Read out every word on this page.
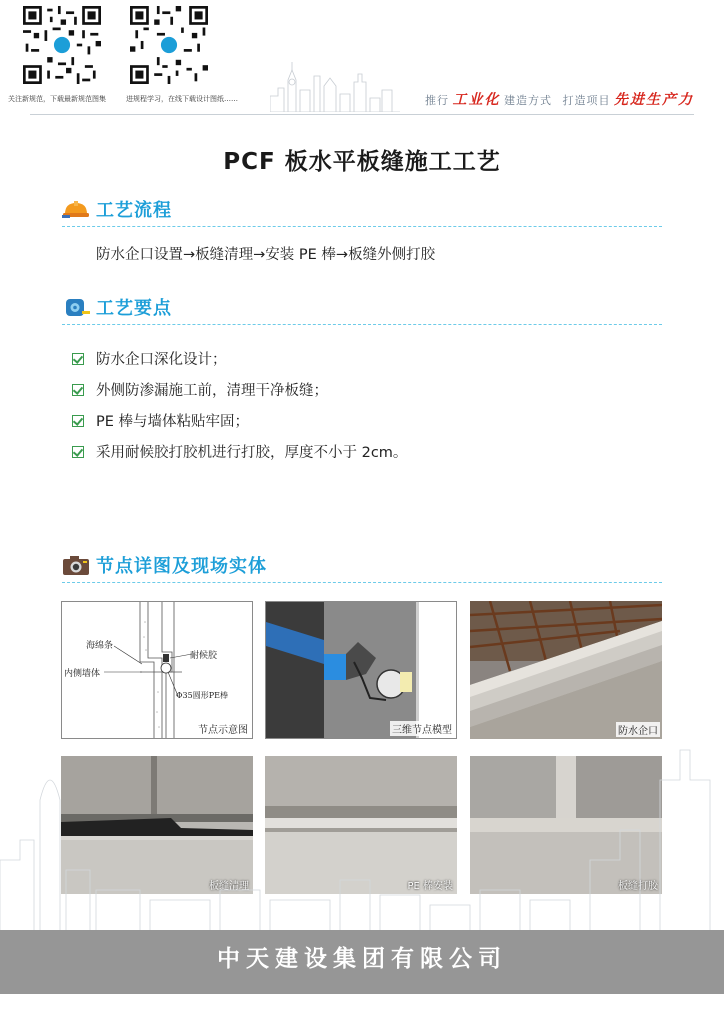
关注新规范，下载最新规范图集	进规程学习，在线下载设计图纸……	推行 工业化 建造方式 打造项目 先进生产力
PCF 板水平板缝施工工艺
工艺流程
防水企口设置→板缝清理→安装 PE 棒→板缝外侧打胶
工艺要点
防水企口深化设计；
外侧防渗漏施工前，清理干净板缝；
PE 棒与墙体粘贴牢固；
采用耐候胶打胶机进行打胶，厚度不小于 2cm。
节点详图及现场实体
海绵条
内侧墙体
耐候胶
Φ35圆形PE棒
节点示意图	三维节点模型	防水企口
板缝清理	PE 棒安装	板缝打胶
中天建设集团有限公司
